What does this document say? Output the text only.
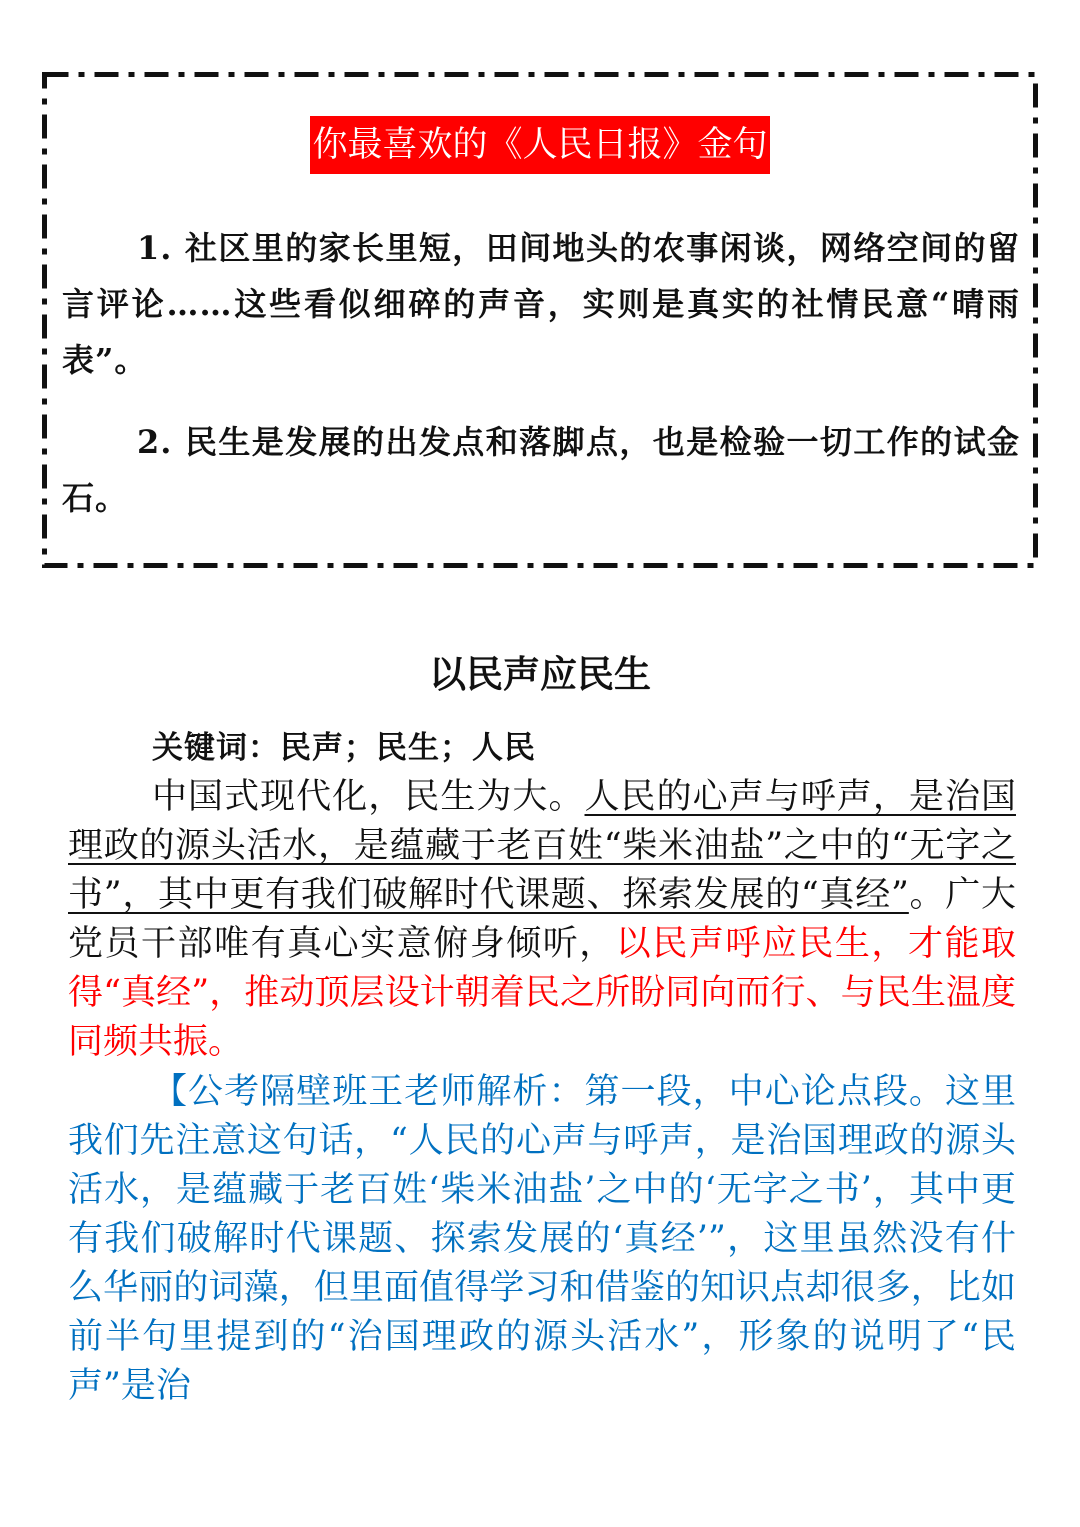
你最喜欢的《人民日报》金句

1. 社区里的家长里短，田间地头的农事闲谈，网络空间的留言评论……这些看似细碎的声音，实则是真实的社情民意“晴雨表”。

2. 民生是发展的出发点和落脚点，也是检验一切工作的试金石。

以民声应民生

关键词：民声；民生；人民

中国式现代化，民生为大。人民的心声与呼声，是治国理政的源头活水，是蕴藏于老百姓“柴米油盐”之中的“无字之书”，其中更有我们破解时代课题、探索发展的“真经”。广大党员干部唯有真心实意俯身倾听，以民声呼应民生，才能取得“真经”，推动顶层设计朝着民之所盼同向而行、与民生温度同频共振。

【公考隔壁班王老师解析：第一段，中心论点段。这里我们先注意这句话，“人民的心声与呼声，是治国理政的源头活水，是蕴藏于老百姓‘柴米油盐’之中的‘无字之书’，其中更有我们破解时代课题、探索发展的‘真经’”，这里虽然没有什么华丽的词藻，但里面值得学习和借鉴的知识点却很多，比如前半句里提到的“治国理政的源头活水”，形象的说明了“民声”是治
